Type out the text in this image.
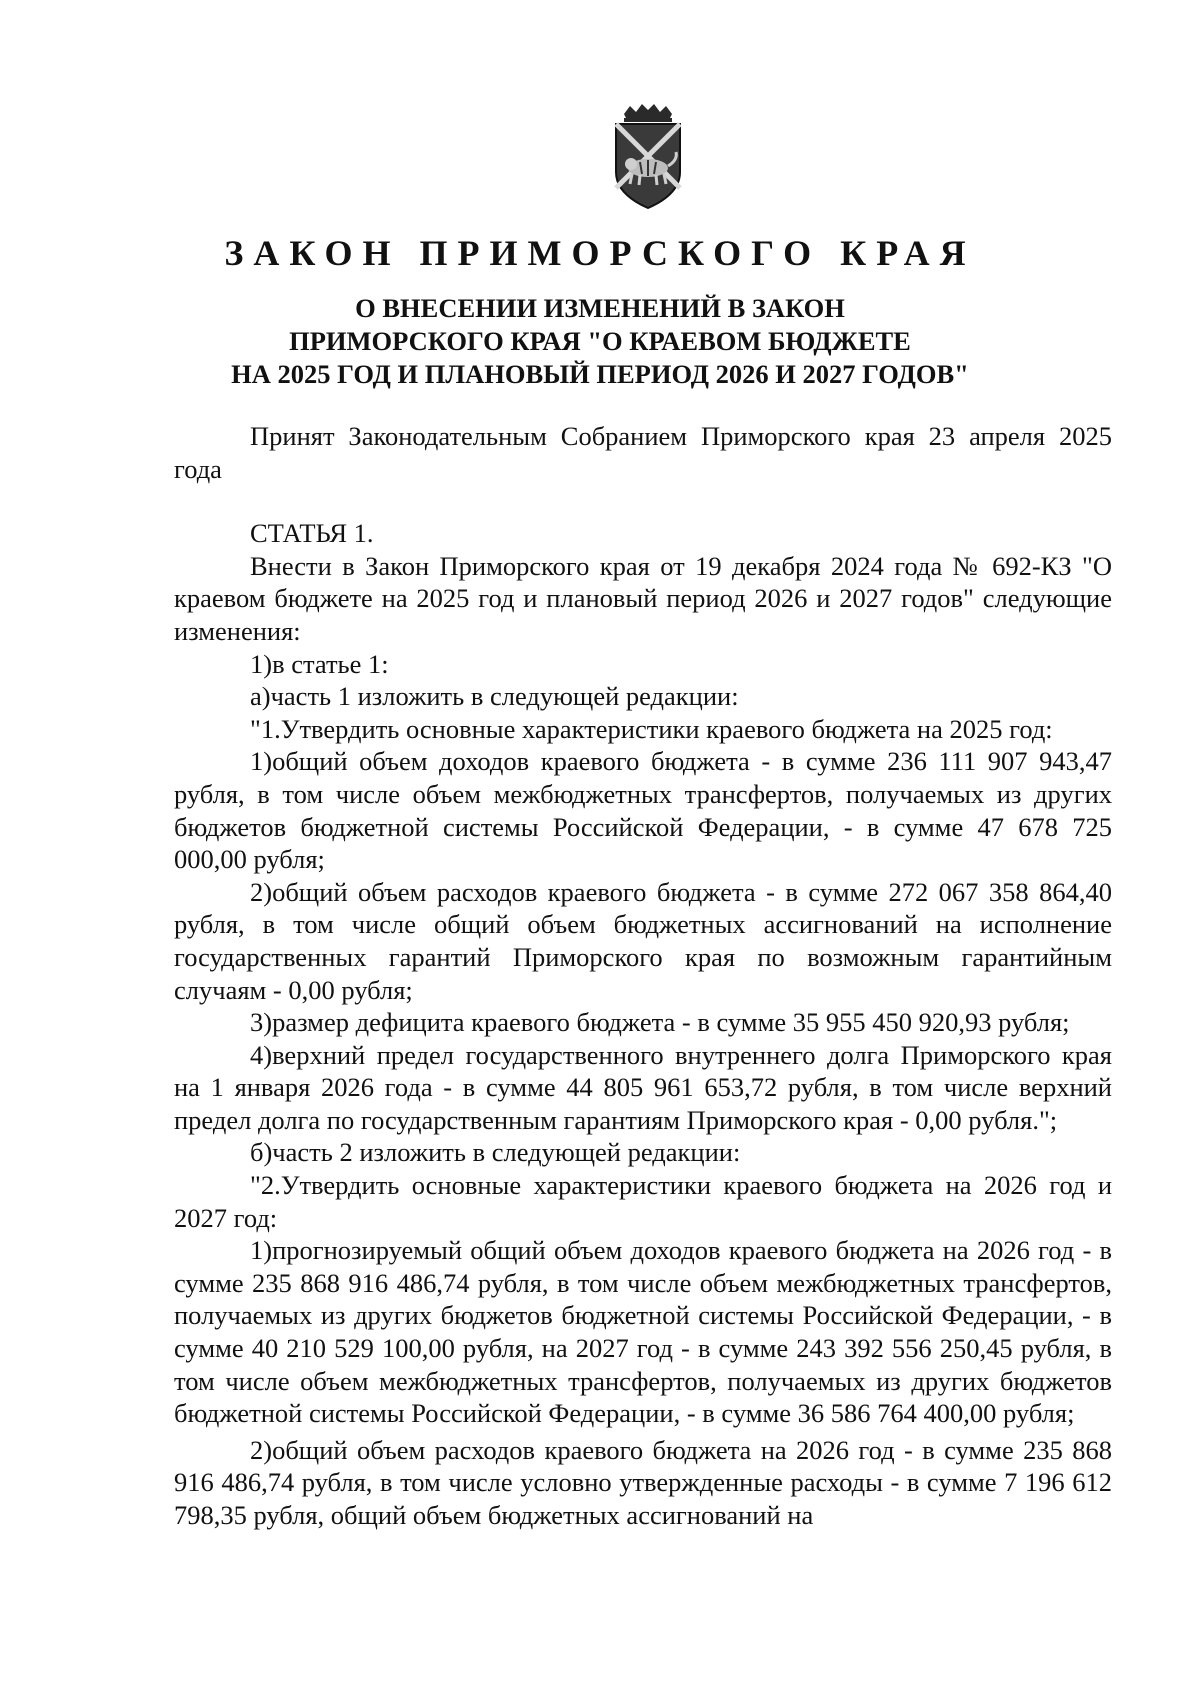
ЗАКОН ПРИМОРСКОГО КРАЯ
О ВНЕСЕНИИ ИЗМЕНЕНИЙ В ЗАКОН
ПРИМОРСКОГО КРАЯ "О КРАЕВОМ БЮДЖЕТЕ
НА 2025 ГОД И ПЛАНОВЫЙ ПЕРИОД 2026 И 2027 ГОДОВ"

Принят Законодательным Собранием Приморского края 23 апреля 2025 года

СТАТЬЯ 1.

Внести в Закон Приморского края от 19 декабря 2024 года № 692-КЗ "О краевом бюджете на 2025 год и плановый период 2026 и 2027 годов" следующие изменения:

1)в статье 1:

а)часть 1 изложить в следующей редакции:

"1.Утвердить основные характеристики краевого бюджета на 2025 год:

1)общий объем доходов краевого бюджета - в сумме 236 111 907 943,47 рубля, в том числе объем межбюджетных трансфертов, получаемых из других бюджетов бюджетной системы Российской Федерации, - в сумме 47 678 725 000,00 рубля;

2)общий объем расходов краевого бюджета - в сумме 272 067 358 864,40 рубля, в том числе общий объем бюджетных ассигнований на исполнение государственных гарантий Приморского края по возможным гарантийным случаям - 0,00 рубля;

3)размер дефицита краевого бюджета - в сумме 35 955 450 920,93 рубля;

4)верхний предел государственного внутреннего долга Приморского края на 1 января 2026 года - в сумме 44 805 961 653,72 рубля, в том числе верхний предел долга по государственным гарантиям Приморского края - 0,00 рубля.";

б)часть 2 изложить в следующей редакции:

"2.Утвердить основные характеристики краевого бюджета на 2026 год и 2027 год:

1)прогнозируемый общий объем доходов краевого бюджета на 2026 год - в сумме 235 868 916 486,74 рубля, в том числе объем межбюджетных трансфертов, получаемых из других бюджетов бюджетной системы Российской Федерации, - в сумме 40 210 529 100,00 рубля, на 2027 год - в сумме 243 392 556 250,45 рубля, в том числе объем межбюджетных трансфертов, получаемых из других бюджетов бюджетной системы Российской Федерации, - в сумме 36 586 764 400,00 рубля;

2)общий объем расходов краевого бюджета на 2026 год - в сумме 235 868 916 486,74 рубля, в том числе условно утвержденные расходы - в сумме 7 196 612 798,35 рубля, общий объем бюджетных ассигнований на
